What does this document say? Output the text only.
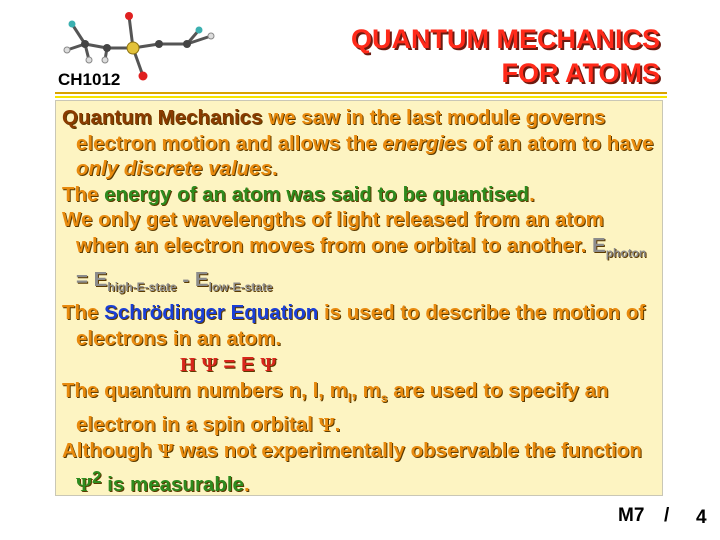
CH1012
QUANTUM MECHANICS
FOR ATOMS
Quantum Mechanics we saw in the last module governs electron motion and allows the energies of an atom to have only discrete values.
The energy of an atom was said to be quantised.
We only get wavelengths of light released from an atom when an electron moves from one orbital to another. $E_{photon} = E_{high-E-state} - E_{low-E-state}$
The Schrödinger Equation is used to describe the motion of electrons in an atom.
H Ψ = E Ψ
The quantum numbers n, l, $m_l$, $m_s$ are used to specify an electron in a spin orbital Ψ.
Although Ψ was not experimentally observable the function $\Psi^2$ is measurable.
M7 / 4
